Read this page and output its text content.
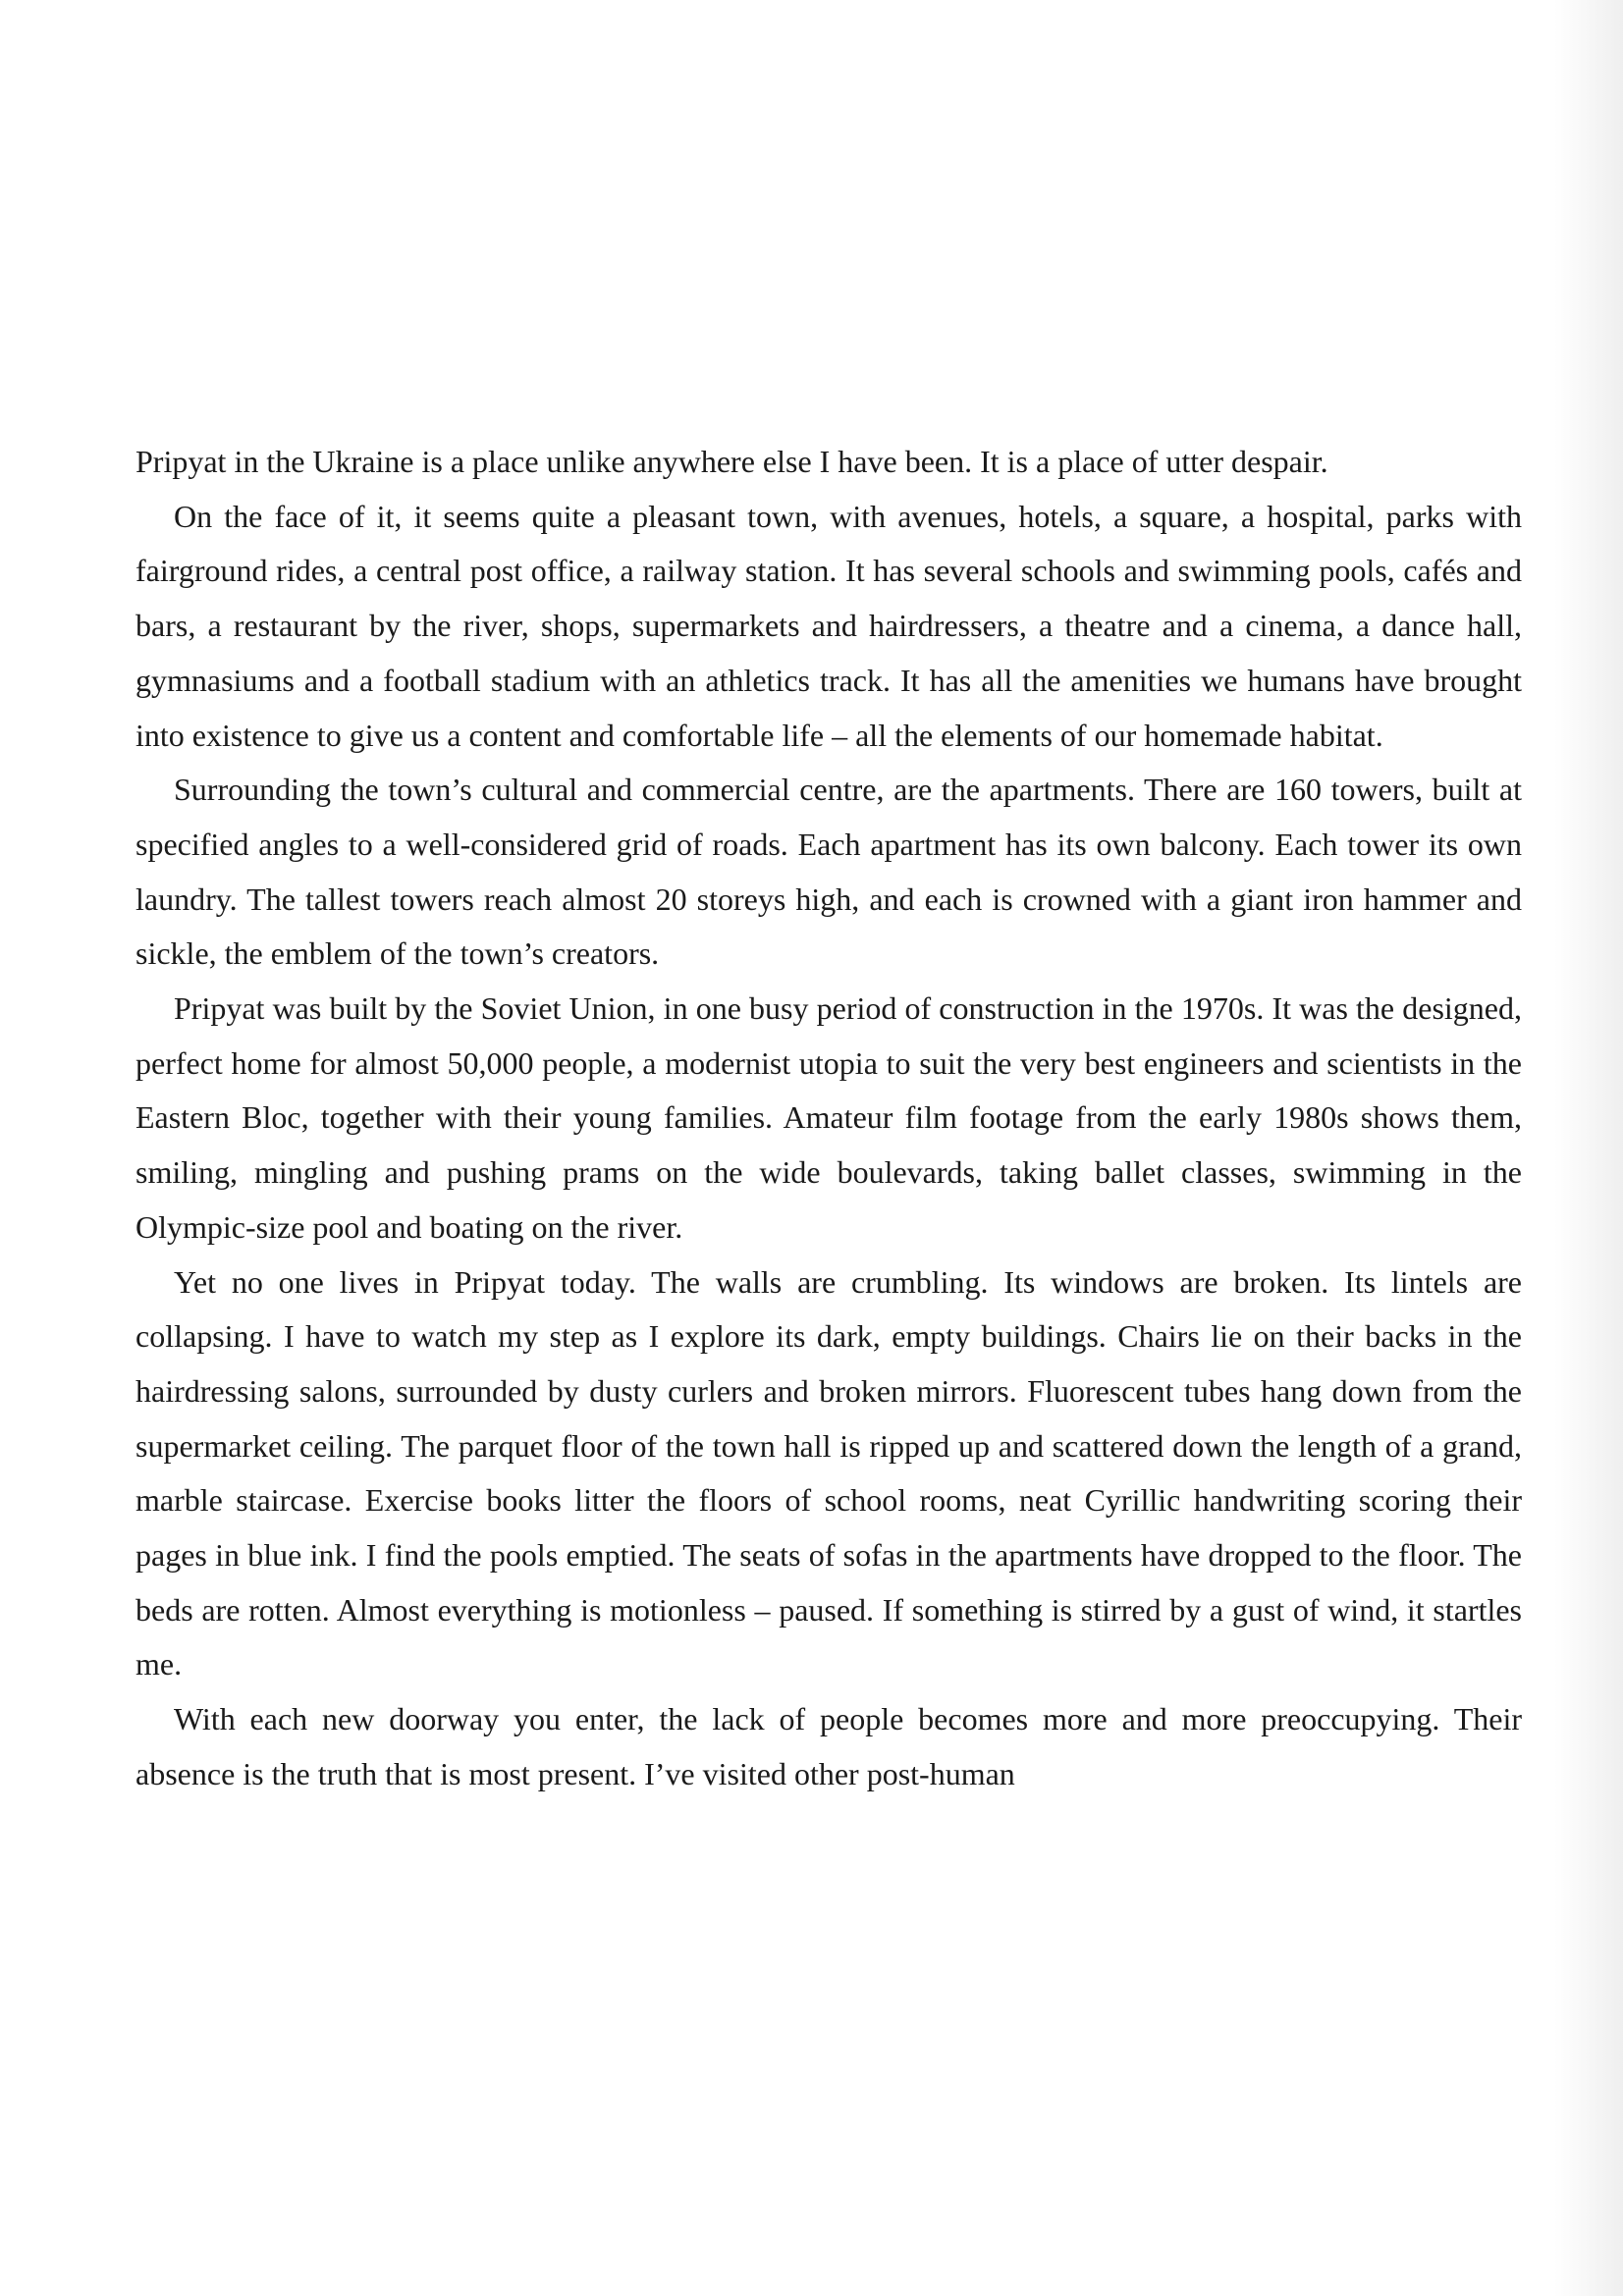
Pripyat in the Ukraine is a place unlike anywhere else I have been. It is a place of utter despair.

On the face of it, it seems quite a pleasant town, with avenues, hotels, a square, a hospital, parks with fairground rides, a central post office, a railway station. It has several schools and swimming pools, cafés and bars, a restaurant by the river, shops, supermarkets and hairdressers, a theatre and a cinema, a dance hall, gymnasiums and a football stadium with an athletics track. It has all the amenities we humans have brought into existence to give us a content and comfortable life – all the elements of our homemade habitat.

Surrounding the town’s cultural and commercial centre, are the apartments. There are 160 towers, built at specified angles to a well-considered grid of roads. Each apartment has its own balcony. Each tower its own laundry. The tallest towers reach almost 20 storeys high, and each is crowned with a giant iron hammer and sickle, the emblem of the town’s creators.

Pripyat was built by the Soviet Union, in one busy period of construction in the 1970s. It was the designed, perfect home for almost 50,000 people, a modernist utopia to suit the very best engineers and scientists in the Eastern Bloc, together with their young families. Amateur film footage from the early 1980s shows them, smiling, mingling and pushing prams on the wide boulevards, taking ballet classes, swimming in the Olympic-size pool and boating on the river.

Yet no one lives in Pripyat today. The walls are crumbling. Its windows are broken. Its lintels are collapsing. I have to watch my step as I explore its dark, empty buildings. Chairs lie on their backs in the hairdressing salons, surrounded by dusty curlers and broken mirrors. Fluorescent tubes hang down from the supermarket ceiling. The parquet floor of the town hall is ripped up and scattered down the length of a grand, marble staircase. Exercise books litter the floors of school rooms, neat Cyrillic handwriting scoring their pages in blue ink. I find the pools emptied. The seats of sofas in the apartments have dropped to the floor. The beds are rotten. Almost everything is motionless – paused. If something is stirred by a gust of wind, it startles me.

With each new doorway you enter, the lack of people becomes more and more preoccupying. Their absence is the truth that is most present. I’ve visited other post-human
